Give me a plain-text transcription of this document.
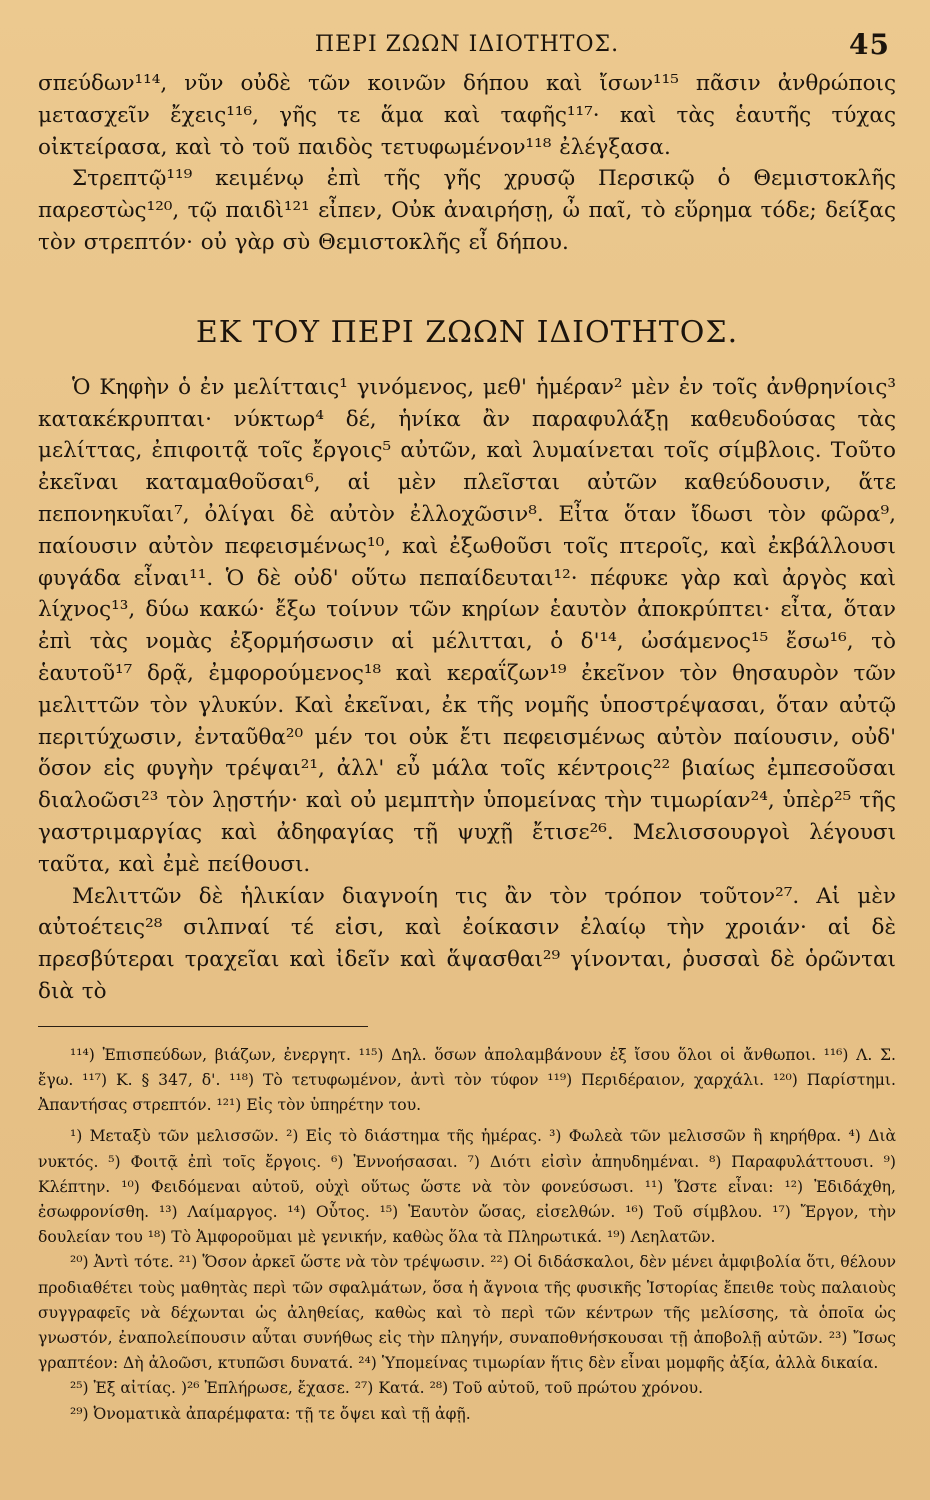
ΠΕΡΙ ΖΩΩΝ ΙΔΙΟΤΗΤΟΣ.	45

σπεύδων¹¹⁴, νῦν οὐδὲ τῶν κοινῶν δήπου καὶ ἴσων¹¹⁵ πᾶσιν ἀνθρώποις μετασχεῖν ἔχεις¹¹⁶, γῆς τε ἅμα καὶ ταφῆς¹¹⁷· καὶ τὰς ἑαυτῆς τύχας οἰκτείρασα, καὶ τὸ τοῦ παιδὸς τετυφωμένον¹¹⁸ ἐλέγξασα.

Στρεπτῷ¹¹⁹ κειμένῳ ἐπὶ τῆς γῆς χρυσῷ Περσικῷ ὁ Θεμιστοκλῆς παρεστὼς¹²⁰, τῷ παιδὶ¹²¹ εἶπεν, Οὐκ ἀναιρήσῃ, ὦ παῖ, τὸ εὕρημα τόδε; δείξας τὸν στρεπτόν· οὐ γὰρ σὺ Θεμιστοκλῆς εἶ δήπου.

ΕΚ ΤΟΥ ΠΕΡΙ ΖΩΩΝ ΙΔΙΟΤΗΤΟΣ.

Ὁ Κηφὴν ὁ ἐν μελίτταις¹ γινόμενος, μεθ' ἡμέραν² μὲν ἐν τοῖς ἀνθρηνίοις³ κατακέκρυπται· νύκτωρ⁴ δέ, ἡνίκα ἂν παραφυλάξῃ καθευδούσας τὰς μελίττας, ἐπιφοιτᾷ τοῖς ἔργοις⁵ αὐτῶν, καὶ λυμαίνεται τοῖς σίμβλοις. Τοῦτο ἐκεῖναι καταμαθοῦσαι⁶, αἱ μὲν πλεῖσται αὐτῶν καθεύδουσιν, ἅτε πεπονηκυῖαι⁷, ὀλίγαι δὲ αὐτὸν ἐλλοχῶσιν⁸. Εἶτα ὅταν ἴδωσι τὸν φῶρα⁹, παίουσιν αὐτὸν πεφεισμένως¹⁰, καὶ ἐξωθοῦσι τοῖς πτεροῖς, καὶ ἐκβάλλουσι φυγάδα εἶναι¹¹. Ὁ δὲ οὐδ' οὕτω πεπαίδευται¹²· πέφυκε γὰρ καὶ ἀργὸς καὶ λίχνος¹³, δύω κακώ· ἔξω τοίνυν τῶν κηρίων ἑαυτὸν ἀποκρύπτει· εἶτα, ὅταν ἐπὶ τὰς νομὰς ἐξορμήσωσιν αἱ μέλιτται, ὁ δ'¹⁴, ὠσάμενος¹⁵ ἔσω¹⁶, τὸ ἑαυτοῦ¹⁷ δρᾷ, ἐμφορούμενος¹⁸ καὶ κεραΐζων¹⁹ ἐκεῖνον τὸν θησαυρὸν τῶν μελιττῶν τὸν γλυκύν. Καὶ ἐκεῖναι, ἐκ τῆς νομῆς ὑποστρέψασαι, ὅταν αὐτῷ περιτύχωσιν, ἐνταῦθα²⁰ μέν τοι οὐκ ἔτι πεφεισμένως αὐτὸν παίουσιν, οὐδ' ὅσον εἰς φυγὴν τρέψαι²¹, ἀλλ' εὖ μάλα τοῖς κέντροις²² βιαίως ἐμπεσοῦσαι διαλοῶσι²³ τὸν λῃστήν· καὶ οὐ μεμπτὴν ὑπομείνας τὴν τιμωρίαν²⁴, ὑπὲρ²⁵ τῆς γαστριμαργίας καὶ ἀδηφαγίας τῇ ψυχῇ ἔτισε²⁶. Μελισσουργοὶ λέγουσι ταῦτα, καὶ ἐμὲ πείθουσι.

Μελιττῶν δὲ ἡλικίαν διαγνοίη τις ἂν τὸν τρόπον τοῦτον²⁷. Αἱ μὲν αὐτοέτεις²⁸ σιλπναί τέ εἰσι, καὶ ἐοίκασιν ἐλαίῳ τὴν χροιάν· αἱ δὲ πρεσβύτεραι τραχεῖαι καὶ ἰδεῖν καὶ ἅψασθαι²⁹ γίνονται, ῥυσσαὶ δὲ ὁρῶνται διὰ τὸ

¹¹⁴) Ἐπισπεύδων, βιάζων, ἐνεργητ. ¹¹⁵) Δηλ. ὅσων ἀπολαμβάνουν ἐξ ἴσου ὅλοι οἱ ἄνθωποι. ¹¹⁶) Λ. Σ. ἔγω. ¹¹⁷) Κ. § 347, δ'. ¹¹⁸) Τὸ τετυφωμένον, ἀντὶ τὸν τύφον ¹¹⁹) Περιδέραιον, χαρχάλι. ¹²⁰) Παρίστημι. Ἀπαντήσας στρεπτόν. ¹²¹) Εἰς τὸν ὑπηρέτην του.

¹) Μεταξὺ τῶν μελισσῶν. ²) Εἰς τὸ διάστημα τῆς ἡμέρας. ³) Φωλεὰ τῶν μελισσῶν ἢ κηρήθρα. ⁴) Διὰ νυκτός. ⁵) Φοιτᾷ ἐπὶ τοῖς ἔργοις. ⁶) Ἐννοήσασαι. ⁷) Διότι εἰσὶν ἀπηυδημέναι. ⁸) Παραφυλάττουσι. ⁹) Κλέπτην. ¹⁰) Φειδόμεναι αὐτοῦ, οὐχὶ οὕτως ὥστε νὰ τὸν φονεύσωσι. ¹¹) Ὥστε εἶναι: ¹²) Ἐδιδάχθη, ἐσωφρονίσθη. ¹³) Λαίμαργος. ¹⁴) Οὗτος. ¹⁵) Ἑαυτὸν ὤσας, εἰσελθών. ¹⁶) Τοῦ σίμβλου. ¹⁷) Ἔργον, τὴν δουλείαν του ¹⁸) Τὸ Ἀμφοροῦμαι μὲ γενικήν, καθὼς ὅλα τὰ Πληρωτικά. ¹⁹) Λεηλατῶν.

²⁰) Ἀντὶ τότε. ²¹) Ὅσον ἀρκεῖ ὥστε νὰ τὸν τρέψωσιν. ²²) Οἱ διδάσκαλοι, δὲν μένει ἀμφιβολία ὅτι, θέλουν προδιαθέτει τοὺς μαθητὰς περὶ τῶν σφαλμάτων, ὅσα ἡ ἄγνοια τῆς φυσικῆς Ἱστορίας ἔπειθε τοὺς παλαιοὺς συγγραφεῖς νὰ δέχωνται ὡς ἀληθείας, καθὼς καὶ τὸ περὶ τῶν κέντρων τῆς μελίσσης, τὰ ὁποῖα ὡς γνωστόν, ἐναπολείπουσιν αὗται συνήθως εἰς τὴν πληγήν, συναποθνήσκουσαι τῇ ἀποβολῇ αὐτῶν. ²³) Ἴσως γραπτέον: Δὴ ἀλοῶσι, κτυπῶσι δυνατά. ²⁴) Ὑπομείνας τιμωρίαν ἥτις δὲν εἶναι μομφῆς ἀξία, ἀλλὰ δικαία.

²⁵) Ἐξ αἰτίας. )²⁶ Ἐπλήρωσε, ἔχασε. ²⁷) Κατά. ²⁸) Τοῦ αὐτοῦ, τοῦ πρώτου χρόνου.

²⁹) Ὀνοματικὰ ἀπαρέμφατα: τῇ τε ὄψει καὶ τῇ ἀφῇ.
